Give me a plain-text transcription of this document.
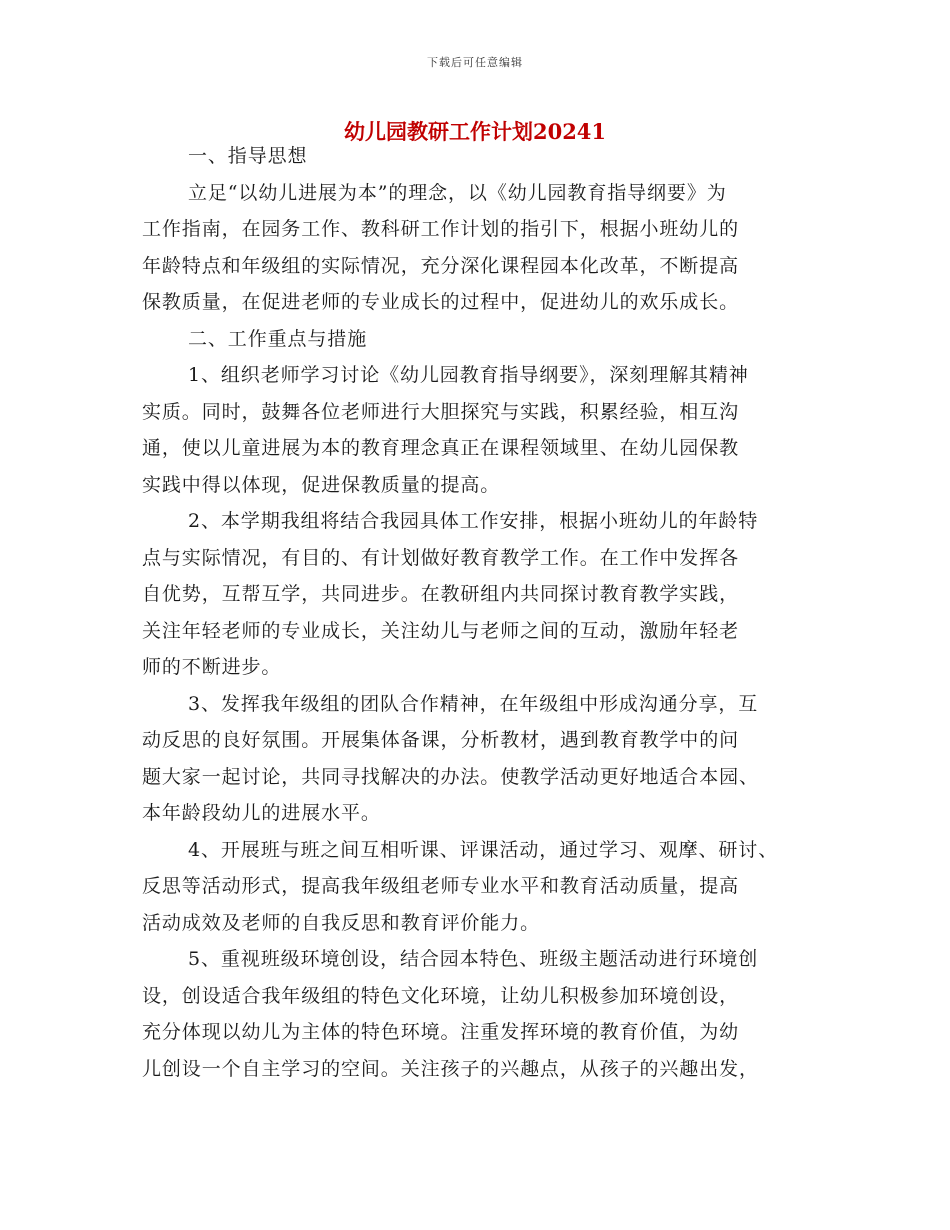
下载后可任意编辑
幼儿园教研工作计划20241
一、指导思想
立足“以幼儿进展为本”的理念，以《幼儿园教育指导纲要》为
工作指南，在园务工作、教科研工作计划的指引下，根据小班幼儿的
年龄特点和年级组的实际情况，充分深化课程园本化改革，不断提高
保教质量，在促进老师的专业成长的过程中，促进幼儿的欢乐成长。
二、工作重点与措施
1、组织老师学习讨论《幼儿园教育指导纲要》，深刻理解其精神
实质。同时，鼓舞各位老师进行大胆探究与实践，积累经验，相互沟
通，使以儿童进展为本的教育理念真正在课程领域里、在幼儿园保教
实践中得以体现，促进保教质量的提高。
2、本学期我组将结合我园具体工作安排，根据小班幼儿的年龄特
点与实际情况，有目的、有计划做好教育教学工作。在工作中发挥各
自优势，互帮互学，共同进步。在教研组内共同探讨教育教学实践，
关注年轻老师的专业成长，关注幼儿与老师之间的互动，激励年轻老
师的不断进步。
3、发挥我年级组的团队合作精神，在年级组中形成沟通分享，互
动反思的良好氛围。开展集体备课，分析教材，遇到教育教学中的问
题大家一起讨论，共同寻找解决的办法。使教学活动更好地适合本园、
本年龄段幼儿的进展水平。
4、开展班与班之间互相听课、评课活动，通过学习、观摩、研讨、
反思等活动形式，提高我年级组老师专业水平和教育活动质量，提高
活动成效及老师的自我反思和教育评价能力。
5、重视班级环境创设，结合园本特色、班级主题活动进行环境创
设，创设适合我年级组的特色文化环境，让幼儿积极参加环境创设，
充分体现以幼儿为主体的特色环境。注重发挥环境的教育价值，为幼
儿创设一个自主学习的空间。关注孩子的兴趣点，从孩子的兴趣出发，
